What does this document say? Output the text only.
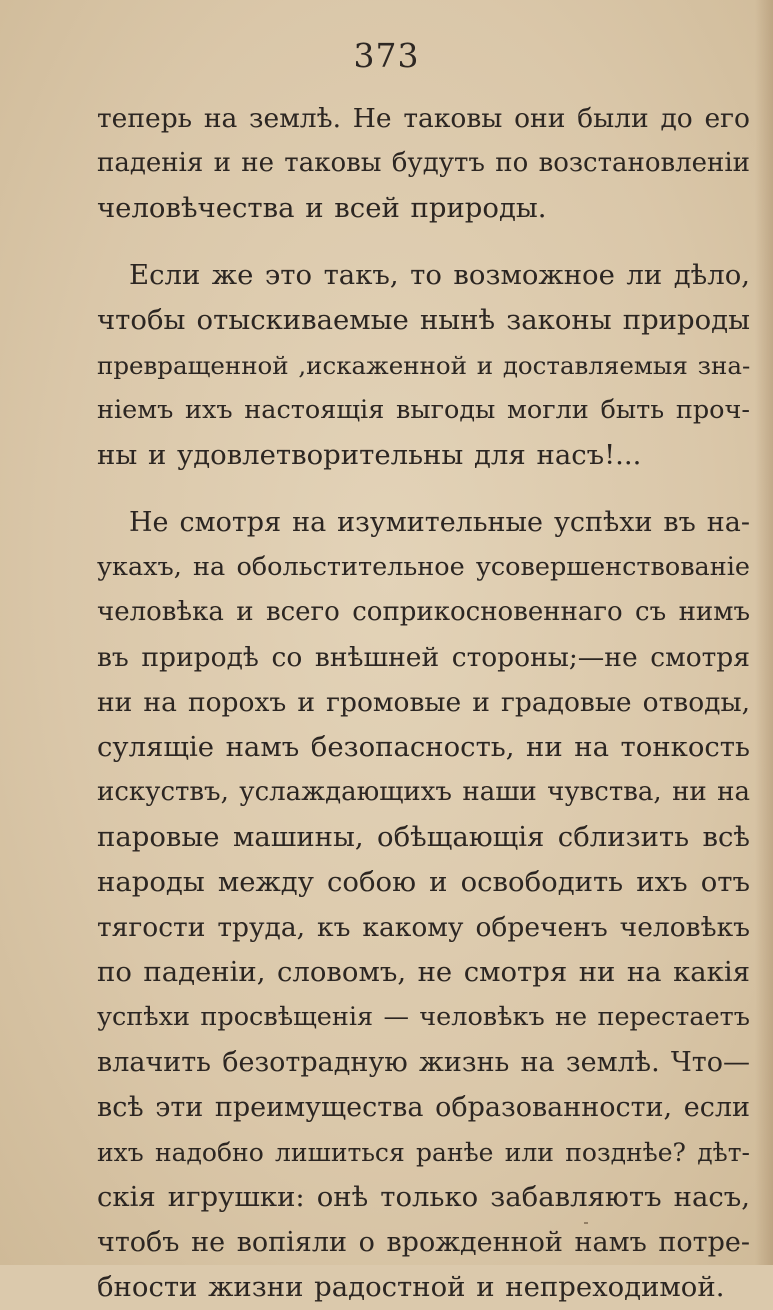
373

теперь на землѣ. Не таковы они были до его
паденія и не таковы будутъ по возстановленіи
человѣчества и всей природы.

Если же это такъ, то возможное ли дѣло,
чтобы отыскиваемые нынѣ законы природы
превращенной ,искаженной и доставляемыя зна-
ніемъ ихъ настоящія выгоды могли быть проч-
ны и удовлетворительны для насъ!...

Не смотря на изумительные успѣхи въ на-
укахъ, на обольстительное усовершенствованіе
человѣка и всего соприкосновеннаго съ нимъ
въ природѣ со внѣшней стороны;—не смотря
ни на порохъ и громовые и градовые отводы,
сулящіе намъ безопасность, ни на тонкость
искуствъ, услаждающихъ наши чувства, ни на
паровые машины, обѣщающія сблизить всѣ
народы между собою и освободить ихъ отъ
тягости труда, къ какому обреченъ человѣкъ
по паденіи, словомъ, не смотря ни на какія
успѣхи просвѣщенія — человѣкъ не перестаетъ
влачить безотрадную жизнь на землѣ. Что—
всѣ эти преимущества образованности, если
ихъ надобно лишиться ранѣе или позднѣе? дѣт-
скія игрушки: онѣ только забавляютъ насъ,
чтобъ не вопіяли о врожденной намъ потре-
бности жизни радостной и непреходимой.
